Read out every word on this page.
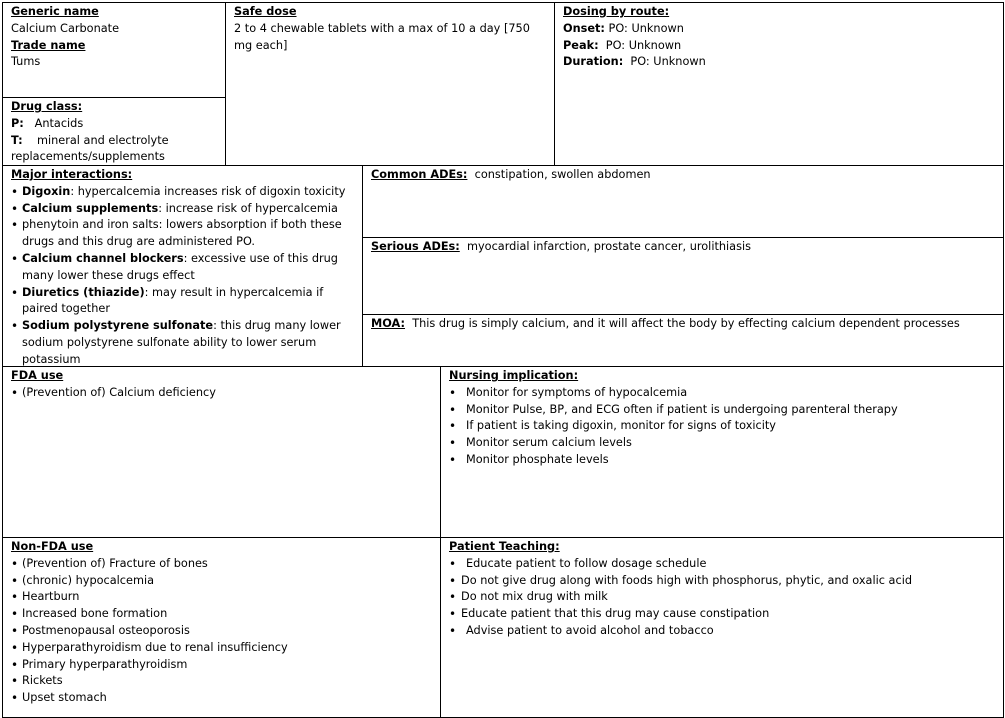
Generic name
Calcium Carbonate
Trade name
Tums
Drug class:
P: Antacids
T: mineral and electrolyte replacements/supplements
Safe dose
2 to 4 chewable tablets with a max of 10 a day [750 mg each]
Dosing by route:
Onset: PO: Unknown
Peak: PO: Unknown
Duration: PO: Unknown
Major interactions:
• Digoxin: hypercalcemia increases risk of digoxin toxicity
• Calcium supplements: increase risk of hypercalcemia
• phenytoin and iron salts: lowers absorption if both these drugs and this drug are administered PO.
• Calcium channel blockers: excessive use of this drug many lower these drugs effect
• Diuretics (thiazide): may result in hypercalcemia if paired together
• Sodium polystyrene sulfonate: this drug many lower sodium polystyrene sulfonate ability to lower serum potassium
Common ADEs: constipation, swollen abdomen
Serious ADEs: myocardial infarction, prostate cancer, urolithiasis
MOA: This drug is simply calcium, and it will affect the body by effecting calcium dependent processes
FDA use
• (Prevention of) Calcium deficiency
Nursing implication:
• Monitor for symptoms of hypocalcemia
• Monitor Pulse, BP, and ECG often if patient is undergoing parenteral therapy
• If patient is taking digoxin, monitor for signs of toxicity
• Monitor serum calcium levels
• Monitor phosphate levels
Non-FDA use
• (Prevention of) Fracture of bones
• (chronic) hypocalcemia
• Heartburn
• Increased bone formation
• Postmenopausal osteoporosis
• Hyperparathyroidism due to renal insufficiency
• Primary hyperparathyroidism
• Rickets
• Upset stomach
Patient Teaching:
• Educate patient to follow dosage schedule
• Do not give drug along with foods high with phosphorus, phytic, and oxalic acid
• Do not mix drug with milk
• Educate patient that this drug may cause constipation
• Advise patient to avoid alcohol and tobacco
